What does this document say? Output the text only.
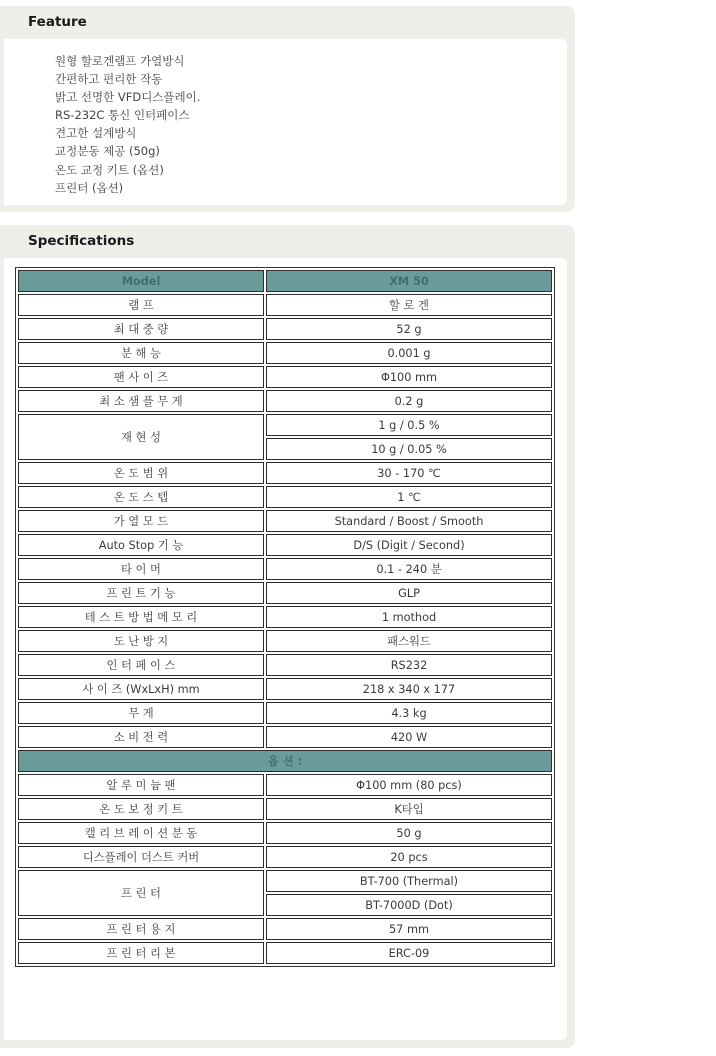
Feature
원형 할로겐램프 가열방식
간편하고 편리한 작동
밝고 선명한 VFD디스플레이.
RS-232C 통신 인터페이스
견고한 설계방식
교정분동 제공 (50g)
온도 교정 키트 (옵션)
프린터 (옵션)
Specifications
Model	XM 50
램 프	할 로 겐
최 대 중 량	52 g
분 해 능	0.001 g
팬 사 이 즈	Φ100 mm
최 소 샘 플 무 게	0.2 g
재 현 성	1 g / 0.5 %
	10 g / 0.05 %
온 도 범 위	30 - 170 ℃
온 도 스 텝	1 ℃
가 열 모 드	Standard / Boost / Smooth
Auto Stop 기 능	D/S (Digit / Second)
타 이 머	0.1 - 240 분
프 린 트 기 능	GLP
테 스 트 방 법 메 모 리	1 mothod
도 난 방 지	패스워드
인 터 페 이 스	RS232
사 이 즈 (WxLxH) mm	218 x 340 x 177
무 게	4.3 kg
소 비 전 력	420 W
옵 션 :	
알 루 미 늄 팬	Φ100 mm (80 pcs)
온 도 보 정 키 트	K타입
캘 리 브 레 이 션 분 동	50 g
디스플레이 더스트 커버	20 pcs
프 린 터	BT-700 (Thermal)
	BT-7000D (Dot)
프 린 터 용 지	57 mm
프 린 터 리 본	ERC-09
